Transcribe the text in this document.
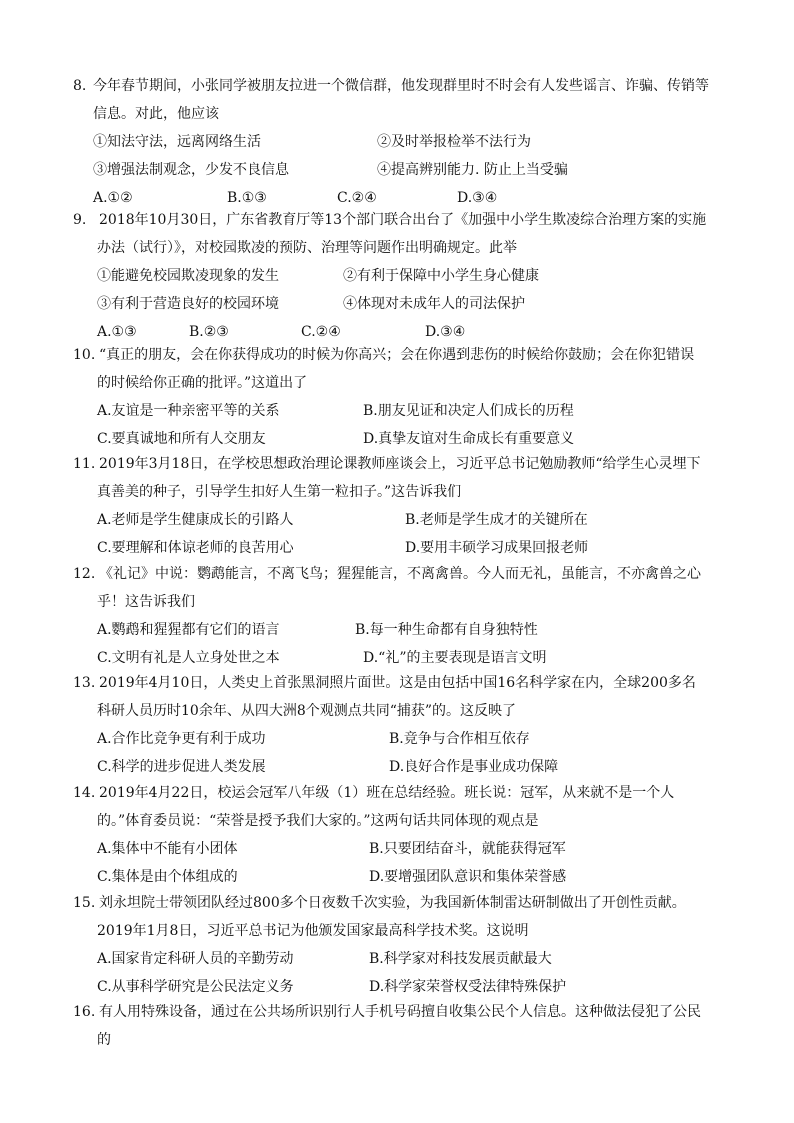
8. 今年春节期间，小张同学被朋友拉进一个微信群，他发现群里时不时会有人发些谣言、诈骗、传销等
信息。对此，他应该
①知法守法，远离网络生活	②及时举报检举不法行为
③增强法制观念，少发不良信息	④提高辨别能力. 防止上当受骗
A.①②	B.①③	C.②④	D.③④
9. 2018年10月30日，广东省教育厅等13个部门联合出台了《加强中小学生欺凌综合治理方案的实施
办法（试行）》，对校园欺凌的预防、治理等问题作出明确规定。此举
①能避免校园欺凌现象的发生	②有利于保障中小学生身心健康
③有利于营造良好的校园环境	④体现对未成年人的司法保护
A.①③	B.②③	C.②④	D.③④
10. “真正的朋友，会在你获得成功的时候为你高兴；会在你遇到悲伤的时候给你鼓励；会在你犯错误
的时候给你正确的批评。”这道出了
A.友谊是一种亲密平等的关系	B.朋友见证和决定人们成长的历程
C.要真诚地和所有人交朋友	D.真挚友谊对生命成长有重要意义
11. 2019年3月18日，在学校思想政治理论课教师座谈会上，习近平总书记勉励教师“给学生心灵埋下
真善美的种子，引导学生扣好人生第一粒扣子。”这告诉我们
A.老师是学生健康成长的引路人	B.老师是学生成才的关键所在
C.要理解和体谅老师的良苦用心	D.要用丰硕学习成果回报老师
12. 《礼记》中说：鹦鹉能言，不离飞鸟；猩猩能言，不离禽兽。今人而无礼，虽能言，不亦禽兽之心
乎！这告诉我们
A.鹦鹉和猩猩都有它们的语言	B.每一种生命都有自身独特性
C.文明有礼是人立身处世之本	D.“礼”的主要表现是语言文明
13. 2019年4月10日，人类史上首张黑洞照片面世。这是由包括中国16名科学家在内，全球200多名
科研人员历时10余年、从四大洲8个观测点共同“捕获”的。这反映了
A.合作比竞争更有利于成功	B.竞争与合作相互依存
C.科学的进步促进人类发展	D.良好合作是事业成功保障
14. 2019年4月22日，校运会冠军八年级（1）班在总结经验。班长说：冠军，从来就不是一个人
的。”体育委员说：“荣誉是授予我们大家的。”这两句话共同体现的观点是
A.集体中不能有小团体	B.只要团结奋斗，就能获得冠军
C.集体是由个体组成的	D.要增强团队意识和集体荣誉感
15. 刘永坦院士带领团队经过800多个日夜数千次实验，为我国新体制雷达研制做出了开创性贡献。
2019年1月8日，习近平总书记为他颁发国家最高科学技术奖。这说明
A.国家肯定科研人员的辛勤劳动	B.科学家对科技发展贡献最大
C.从事科学研究是公民法定义务	D.科学家荣誉权受法律特殊保护
16. 有人用特殊设备，通过在公共场所识别行人手机号码擅自收集公民个人信息。这种做法侵犯了公民
的
